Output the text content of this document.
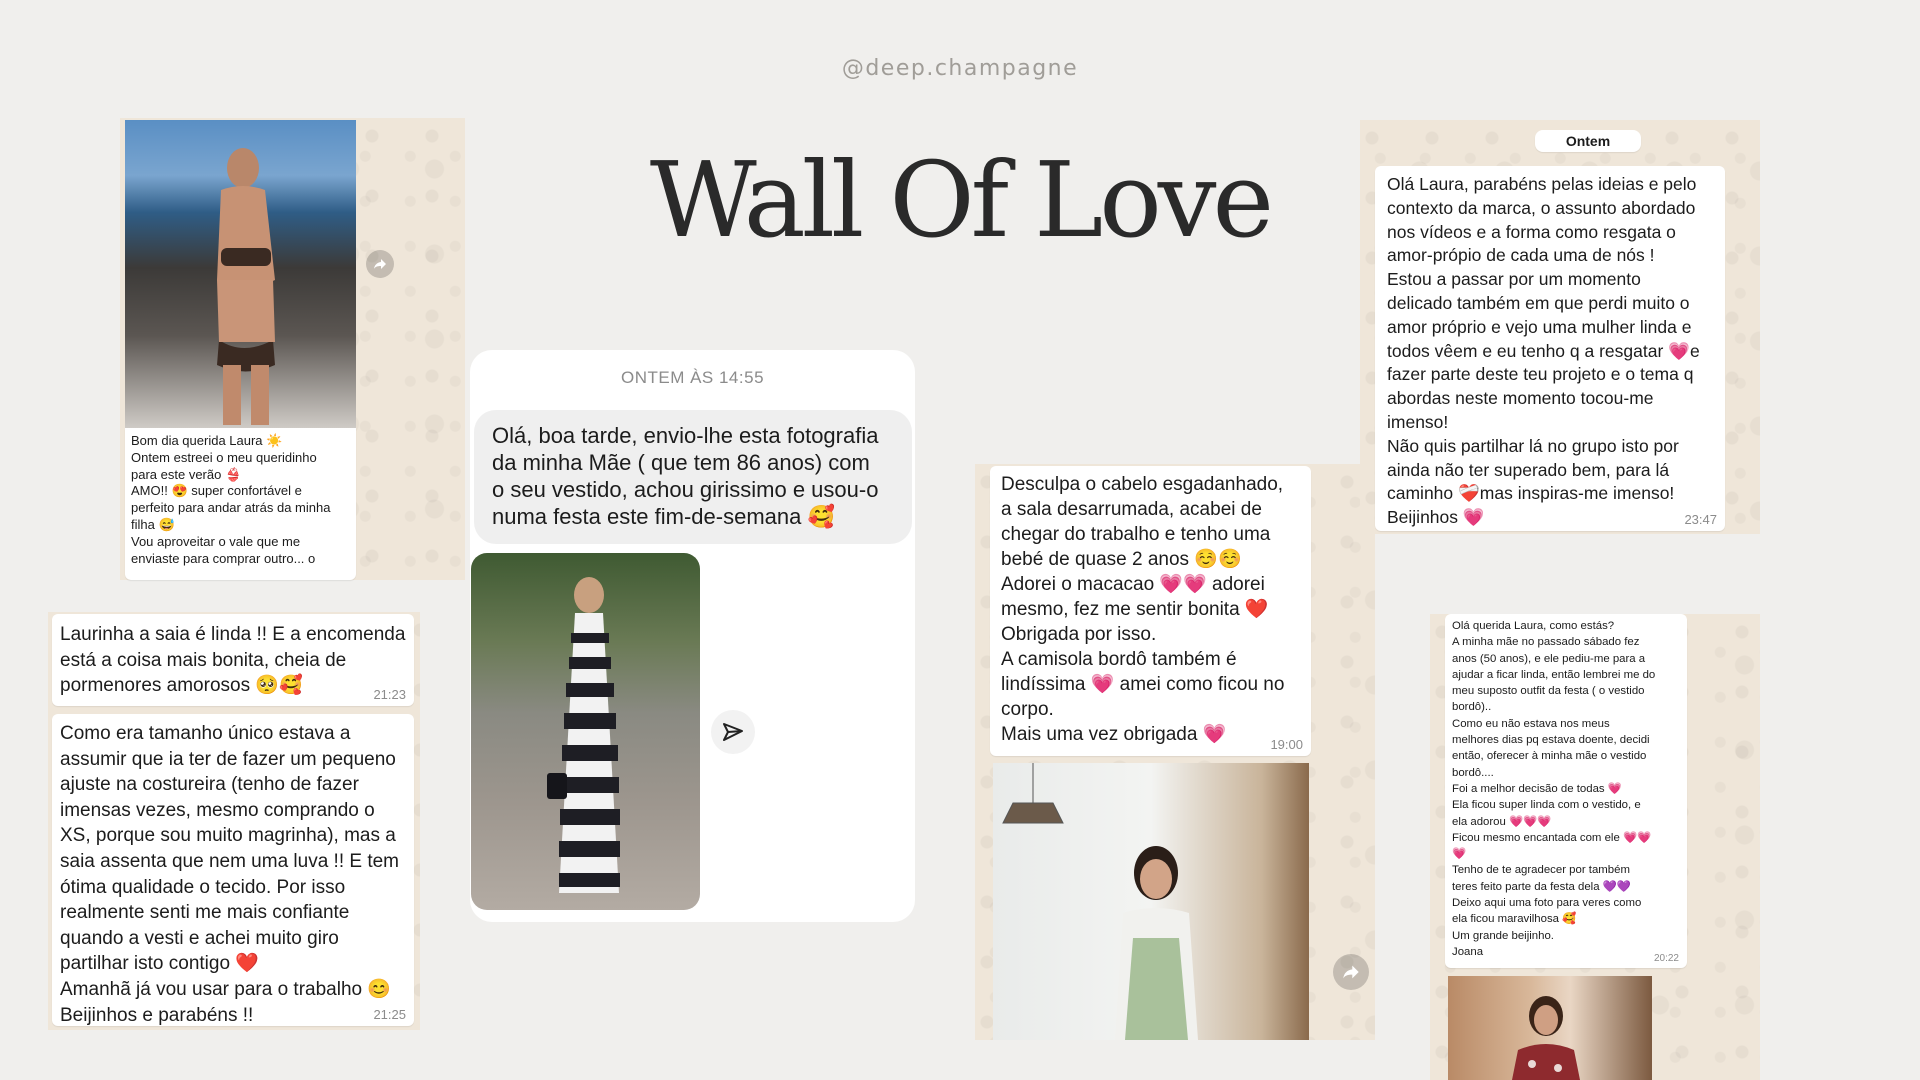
@deep.champagne
Wall Of Love

Bom dia querida Laura ☀️
Ontem estreei o meu queridinho
para este verão 👙
AMO!! 😍 super confortável e
perfeito para andar atrás da minha
filha 😅
Vou aproveitar o vale que me
enviaste para comprar outro... o

Laurinha a saia é linda !! E a encomenda
está a coisa mais bonita, cheia de
pormenores amorosos 🥺🥰	21:23

Como era tamanho único estava a
assumir que ia ter de fazer um pequeno
ajuste na costureira (tenho de fazer
imensas vezes, mesmo comprando o
XS, porque sou muito magrinha), mas a
saia assenta que nem uma luva !! E tem
ótima qualidade o tecido. Por isso
realmente senti me mais confiante
quando a vesti e achei muito giro
partilhar isto contigo ❤️
Amanhã já vou usar para o trabalho 😊
Beijinhos e parabéns !!	21:25
ONTEM ÀS 14:55

Olá, boa tarde, envio-lhe esta fotografia
da minha Mãe ( que tem 86 anos) com
o seu vestido, achou girissimo e usou-o
numa festa este fim-de-semana 🥰

Desculpa o cabelo esgadanhado,
a sala desarrumada, acabei de
chegar do trabalho e tenho uma
bebé de quase 2 anos ☺️☺️
Adorei o macacao 💗💗 adorei
mesmo, fez me sentir bonita ❤️
Obrigada por isso.
A camisola bordô também é
lindíssima 💗 amei como ficou no
corpo.
Mais uma vez obrigada 💗	19:00
Ontem

Olá Laura, parabéns pelas ideias e pelo
contexto da marca, o assunto abordado
nos vídeos e a forma como resgata o
amor-própio de cada uma de nós !
Estou a passar por um momento
delicado também em que perdi muito o
amor próprio e vejo uma mulher linda e
todos vêem e eu tenho q a resgatar 💗e
fazer parte deste teu projeto e o tema q
abordas neste momento tocou-me
imenso!
Não quis partilhar lá no grupo isto por
ainda não ter superado bem, para lá
caminho ❤️‍🩹mas inspiras-me imenso!
Beijinhos 💗	23:47

Olá querida Laura, como estás?
A minha mãe no passado sábado fez
anos (50 anos), e ele pediu-me para a
ajudar a ficar linda, então lembrei me do
meu suposto outfit da festa ( o vestido
bordô)..
Como eu não estava nos meus
melhores dias pq estava doente, decidi
então, oferecer à minha mãe o vestido
bordô....
Foi a melhor decisão de todas 💗
Ela ficou super linda com o vestido, e
ela adorou 💗💗💗
Ficou mesmo encantada com ele 💗💗
💗
Tenho de te agradecer por também
teres feito parte da festa dela 💜💜
Deixo aqui uma foto para veres como
ela ficou maravilhosa 🥰
Um grande beijinho.
Joana

20:22
